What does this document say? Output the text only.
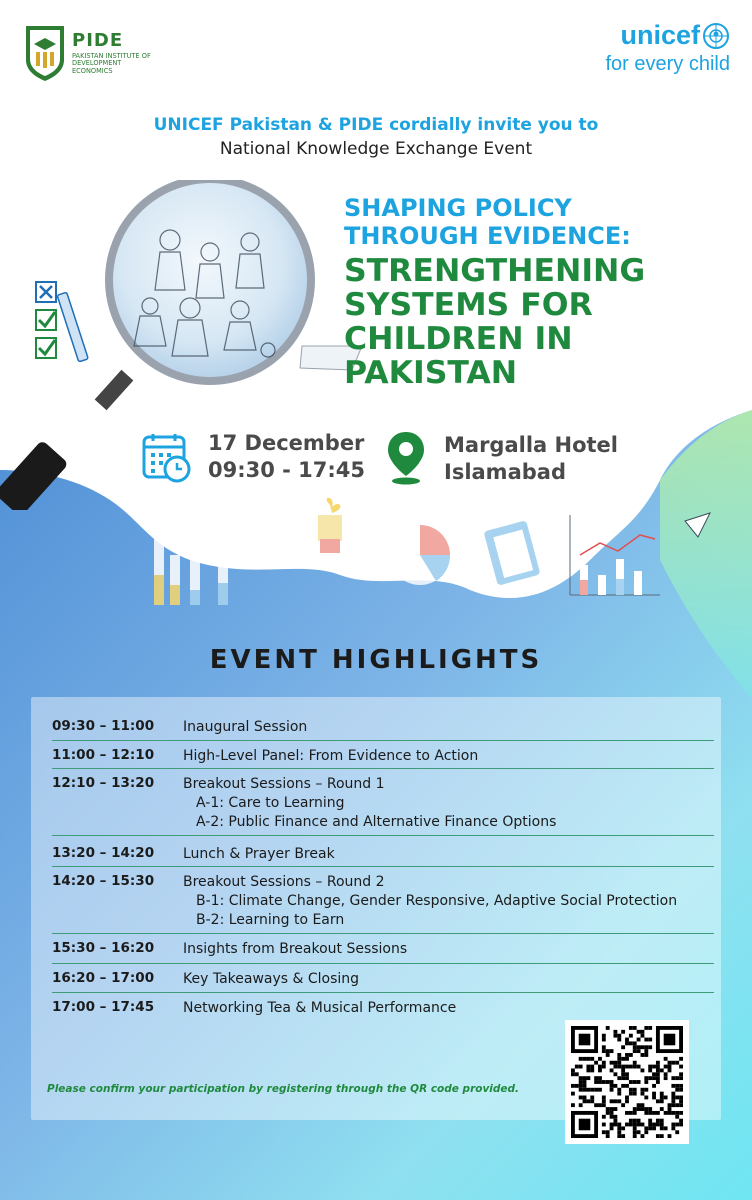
PIDE
PAKISTAN INSTITUTE OF DEVELOPMENT ECONOMICS
unicef
for every child
UNICEF Pakistan & PIDE cordially invite you to
National Knowledge Exchange Event
SHAPING POLICY
THROUGH EVIDENCE:
STRENGTHENING
SYSTEMS FOR
CHILDREN IN
PAKISTAN
17 December
09:30 - 17:45
Margalla Hotel
Islamabad
EVENT HIGHLIGHTS
09:30 – 11:00 Inaugural Session
11:00 – 12:10 High-Level Panel: From Evidence to Action
12:10 – 13:20 Breakout Sessions – Round 1
A-1: Care to Learning
A-2: Public Finance and Alternative Finance Options
13:20 – 14:20 Lunch & Prayer Break
14:20 – 15:30 Breakout Sessions – Round 2
B-1: Climate Change, Gender Responsive, Adaptive Social Protection
B-2: Learning to Earn
15:30 – 16:20 Insights from Breakout Sessions
16:20 – 17:00 Key Takeaways & Closing
17:00 – 17:45 Networking Tea & Musical Performance
Please confirm your participation by registering through the QR code provided.
